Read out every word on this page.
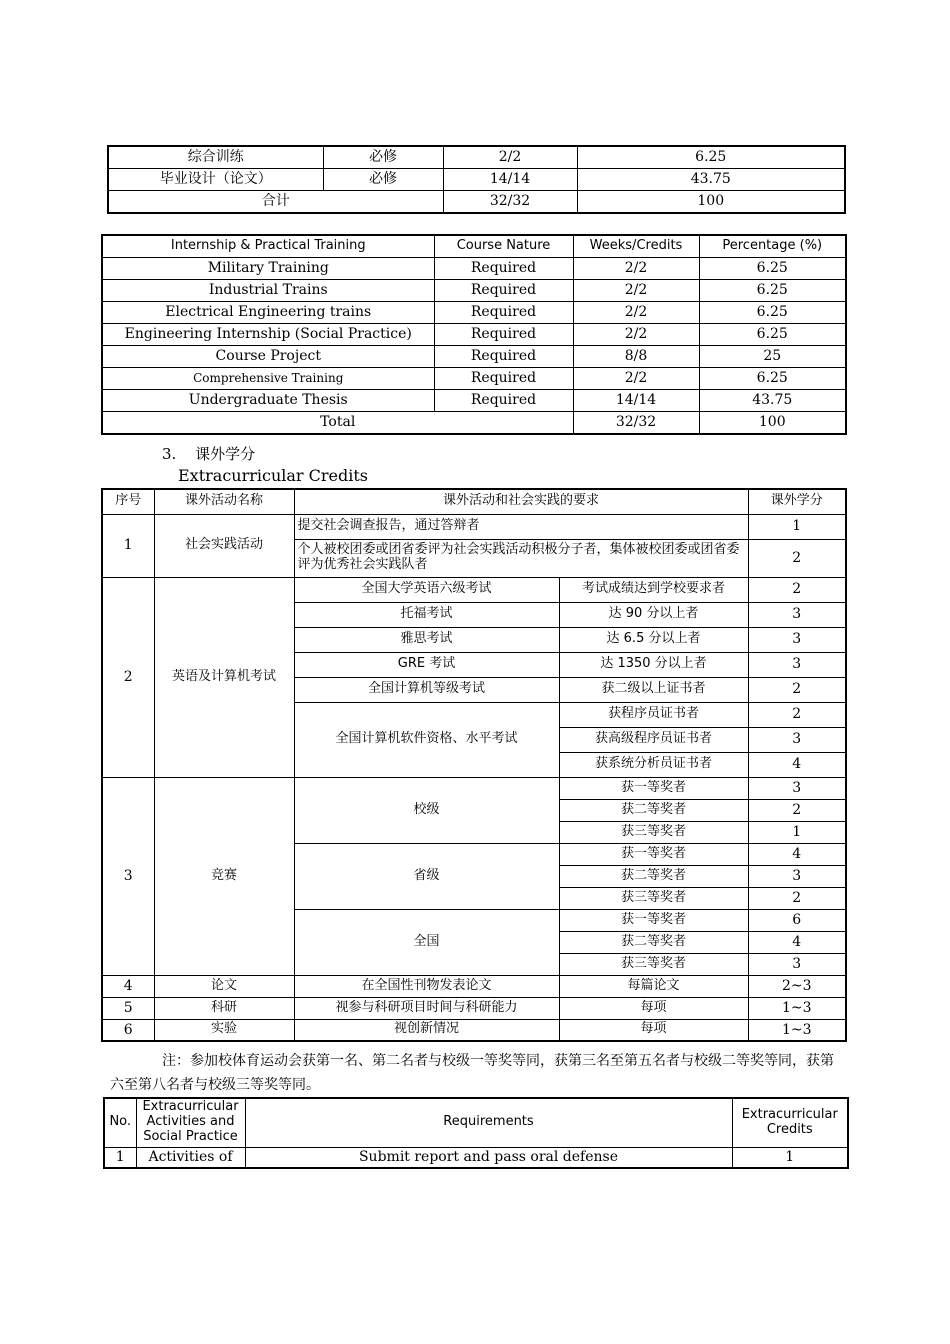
综合训练	必修	2/2	6.25
毕业设计（论文）	必修	14/14	43.75
合计		32/32	100
Internship & Practical Training	Course Nature	Weeks/Credits	Percentage (%)
Military Training	Required	2/2	6.25
Industrial Trains	Required	2/2	6.25
Electrical Engineering trains	Required	2/2	6.25
Engineering Internship (Social Practice)	Required	2/2	6.25
Course Project	Required	8/8	25
Comprehensive Training	Required	2/2	6.25
Undergraduate Thesis	Required	14/14	43.75
Total		32/32	100
3. 课外学分
Extracurricular Credits
序号	课外活动名称	课外活动和社会实践的要求		课外学分
1	社会实践活动	提交社会调查报告，通过答辩者		1
		个人被校团委或团省委评为社会实践活动积极分子者，集体被校团委或团省委评为优秀社会实践队者		2
2	英语及计算机考试	全国大学英语六级考试	考试成绩达到学校要求者	2
		托福考试	达 90 分以上者	3
		雅思考试	达 6.5 分以上者	3
		GRE 考试	达 1350 分以上者	3
		全国计算机等级考试	获二级以上证书者	2
		全国计算机软件资格、水平考试	获程序员证书者	2
			获高级程序员证书者	3
			获系统分析员证书者	4
3	竞赛	校级	获一等奖者	3
			获二等奖者	2
			获三等奖者	1
		省级	获一等奖者	4
			获二等奖者	3
			获三等奖者	2
		全国	获一等奖者	6
			获二等奖者	4
			获三等奖者	3
4	论文	在全国性刊物发表论文	每篇论文	2~3
5	科研	视参与科研项目时间与科研能力	每项	1~3
6	实验	视创新情况	每项	1~3
注：参加校体育运动会获第一名、第二名者与校级一等奖等同，获第三名至第五名者与校级二等奖等同，获第六至第八名者与校级三等奖等同。
No.	Extracurricular Activities and Social Practice	Requirements	Extracurricular Credits
1	Activities of	Submit report and pass oral defense	1
